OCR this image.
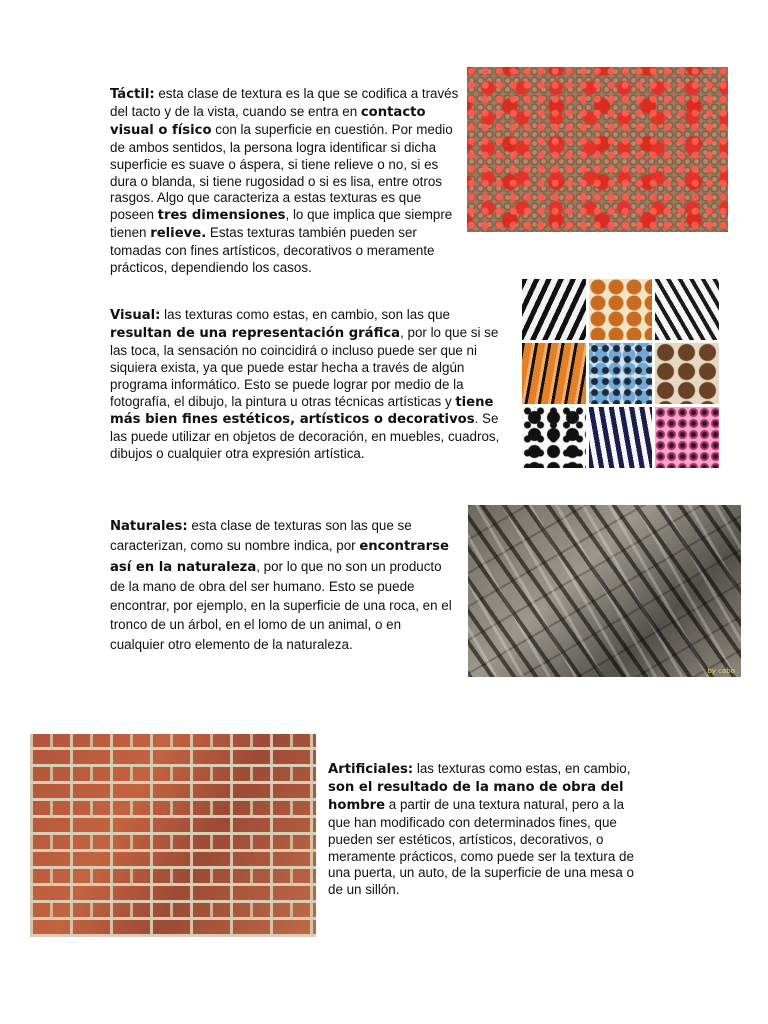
Táctil: esta clase de textura es la que se codifica a través del tacto y de la vista, cuando se entra en contacto visual o físico con la superficie en cuestión. Por medio de ambos sentidos, la persona logra identificar si dicha superficie es suave o áspera, si tiene relieve o no, si es dura o blanda, si tiene rugosidad o si es lisa, entre otros rasgos. Algo que caracteriza a estas texturas es que poseen tres dimensiones, lo que implica que siempre tienen relieve. Estas texturas también pueden ser tomadas con fines artísticos, decorativos o meramente prácticos, dependiendo los casos.

Visual: las texturas como estas, en cambio, son las que resultan de una representación gráfica, por lo que si se las toca, la sensación no coincidirá o incluso puede ser que ni siquiera exista, ya que puede estar hecha a través de algún programa informático. Esto se puede lograr por medio de la fotografía, el dibujo, la pintura u otras técnicas artísticas y tiene más bien fines estéticos, artísticos o decorativos. Se las puede utilizar en objetos de decoración, en muebles, cuadros, dibujos o cualquier otra expresión artística.

by cabo

Naturales: esta clase de texturas son las que se caracterizan, como su nombre indica, por encontrarse así en la naturaleza, por lo que no son un producto de la mano de obra del ser humano. Esto se puede encontrar, por ejemplo, en la superficie de una roca, en el tronco de un árbol, en el lomo de un animal, o en cualquier otro elemento de la naturaleza.

Artificiales: las texturas como estas, en cambio, son el resultado de la mano de obra del hombre a partir de una textura natural, pero a la que han modificado con determinados fines, que pueden ser estéticos, artísticos, decorativos, o meramente prácticos, como puede ser la textura de una puerta, un auto, de la superficie de una mesa o de un sillón.
